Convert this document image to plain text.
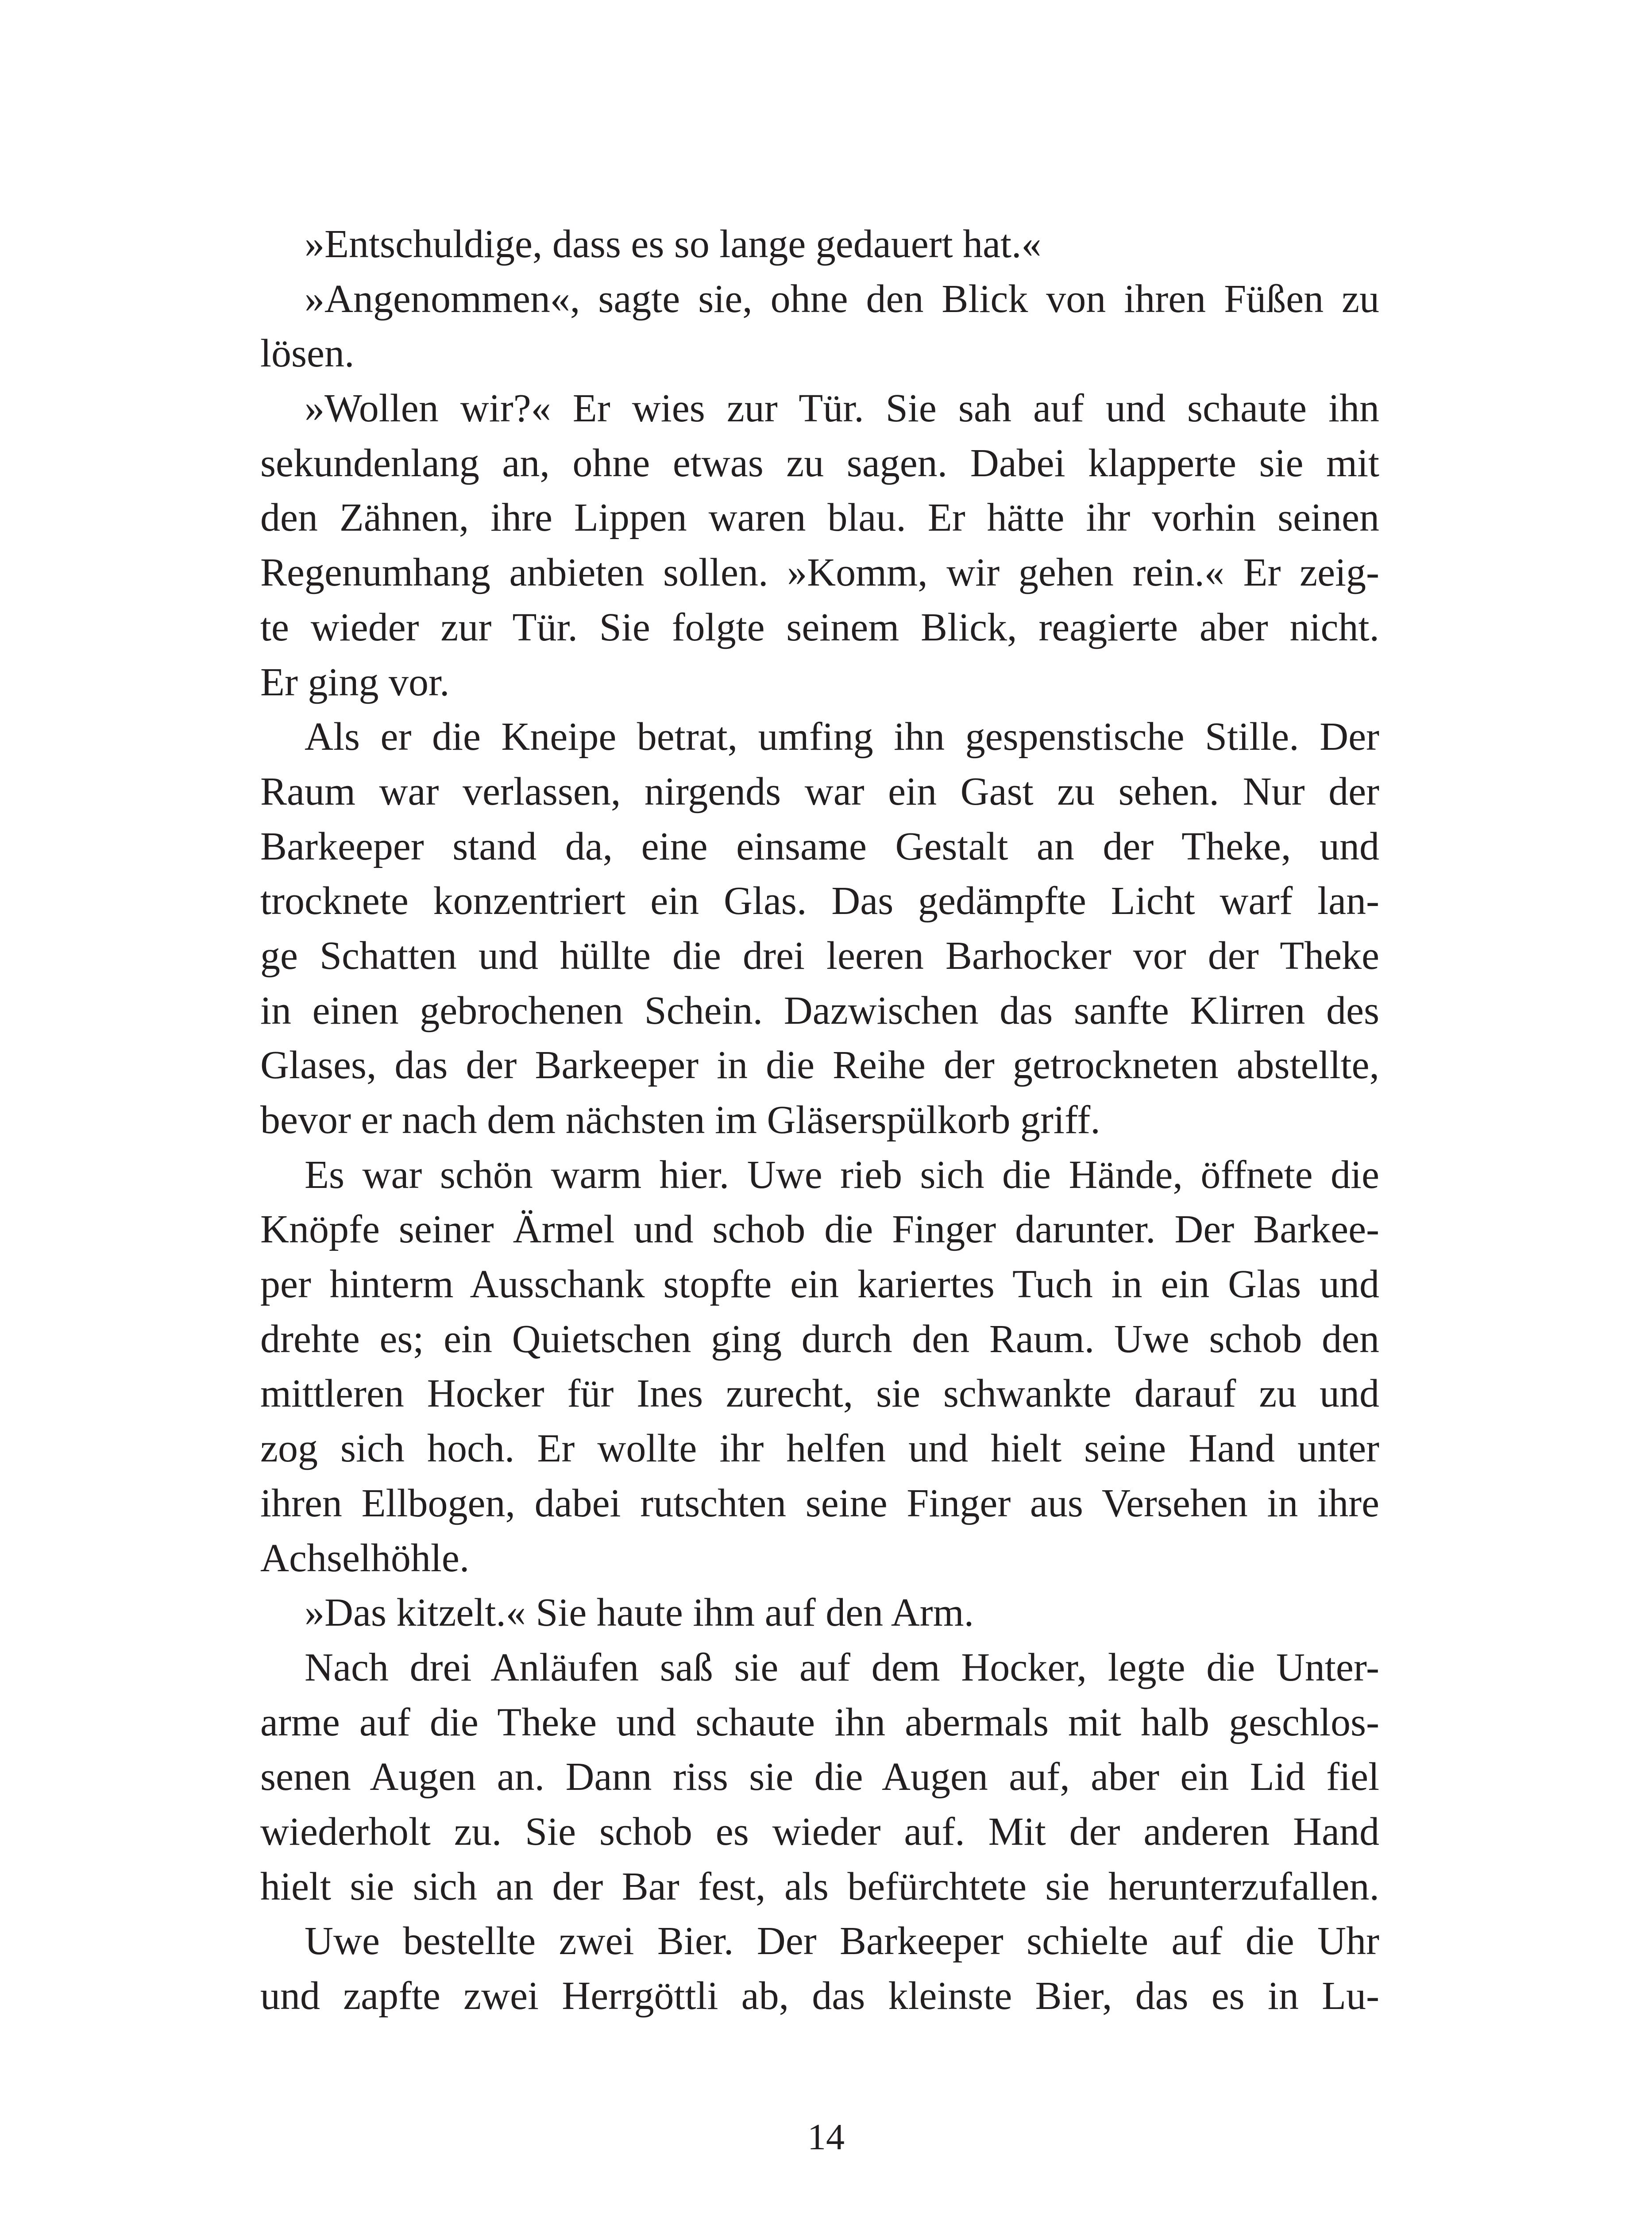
»Entschuldige, dass es so lange gedauert hat.«
»Angenommen«, sagte sie, ohne den Blick von ihren Füßen zu
lösen.
»Wollen wir?« Er wies zur Tür. Sie sah auf und schaute ihn
sekundenlang an, ohne etwas zu sagen. Dabei klapperte sie mit
den Zähnen, ihre Lippen waren blau. Er hätte ihr vorhin seinen
Regenumhang anbieten sollen. »Komm, wir gehen rein.« Er zeig-
te wieder zur Tür. Sie folgte seinem Blick, reagierte aber nicht.
Er ging vor.
Als er die Kneipe betrat, umfing ihn gespenstische Stille. Der
Raum war verlassen, nirgends war ein Gast zu sehen. Nur der
Barkeeper stand da, eine einsame Gestalt an der Theke, und
trocknete konzentriert ein Glas. Das gedämpfte Licht warf lan-
ge Schatten und hüllte die drei leeren Barhocker vor der Theke
in einen gebrochenen Schein. Dazwischen das sanfte Klirren des
Glases, das der Barkeeper in die Reihe der getrockneten abstellte,
bevor er nach dem nächsten im Gläserspülkorb griff.
Es war schön warm hier. Uwe rieb sich die Hände, öffnete die
Knöpfe seiner Ärmel und schob die Finger darunter. Der Barkee-
per hinterm Ausschank stopfte ein kariertes Tuch in ein Glas und
drehte es; ein Quietschen ging durch den Raum. Uwe schob den
mittleren Hocker für Ines zurecht, sie schwankte darauf zu und
zog sich hoch. Er wollte ihr helfen und hielt seine Hand unter
ihren Ellbogen, dabei rutschten seine Finger aus Versehen in ihre
Achselhöhle.
»Das kitzelt.« Sie haute ihm auf den Arm.
Nach drei Anläufen saß sie auf dem Hocker, legte die Unter-
arme auf die Theke und schaute ihn abermals mit halb geschlos-
senen Augen an. Dann riss sie die Augen auf, aber ein Lid fiel
wiederholt zu. Sie schob es wieder auf. Mit der anderen Hand
hielt sie sich an der Bar fest, als befürchtete sie herunterzufallen.
Uwe bestellte zwei Bier. Der Barkeeper schielte auf die Uhr
und zapfte zwei Herrgöttli ab, das kleinste Bier, das es in Lu-
14
